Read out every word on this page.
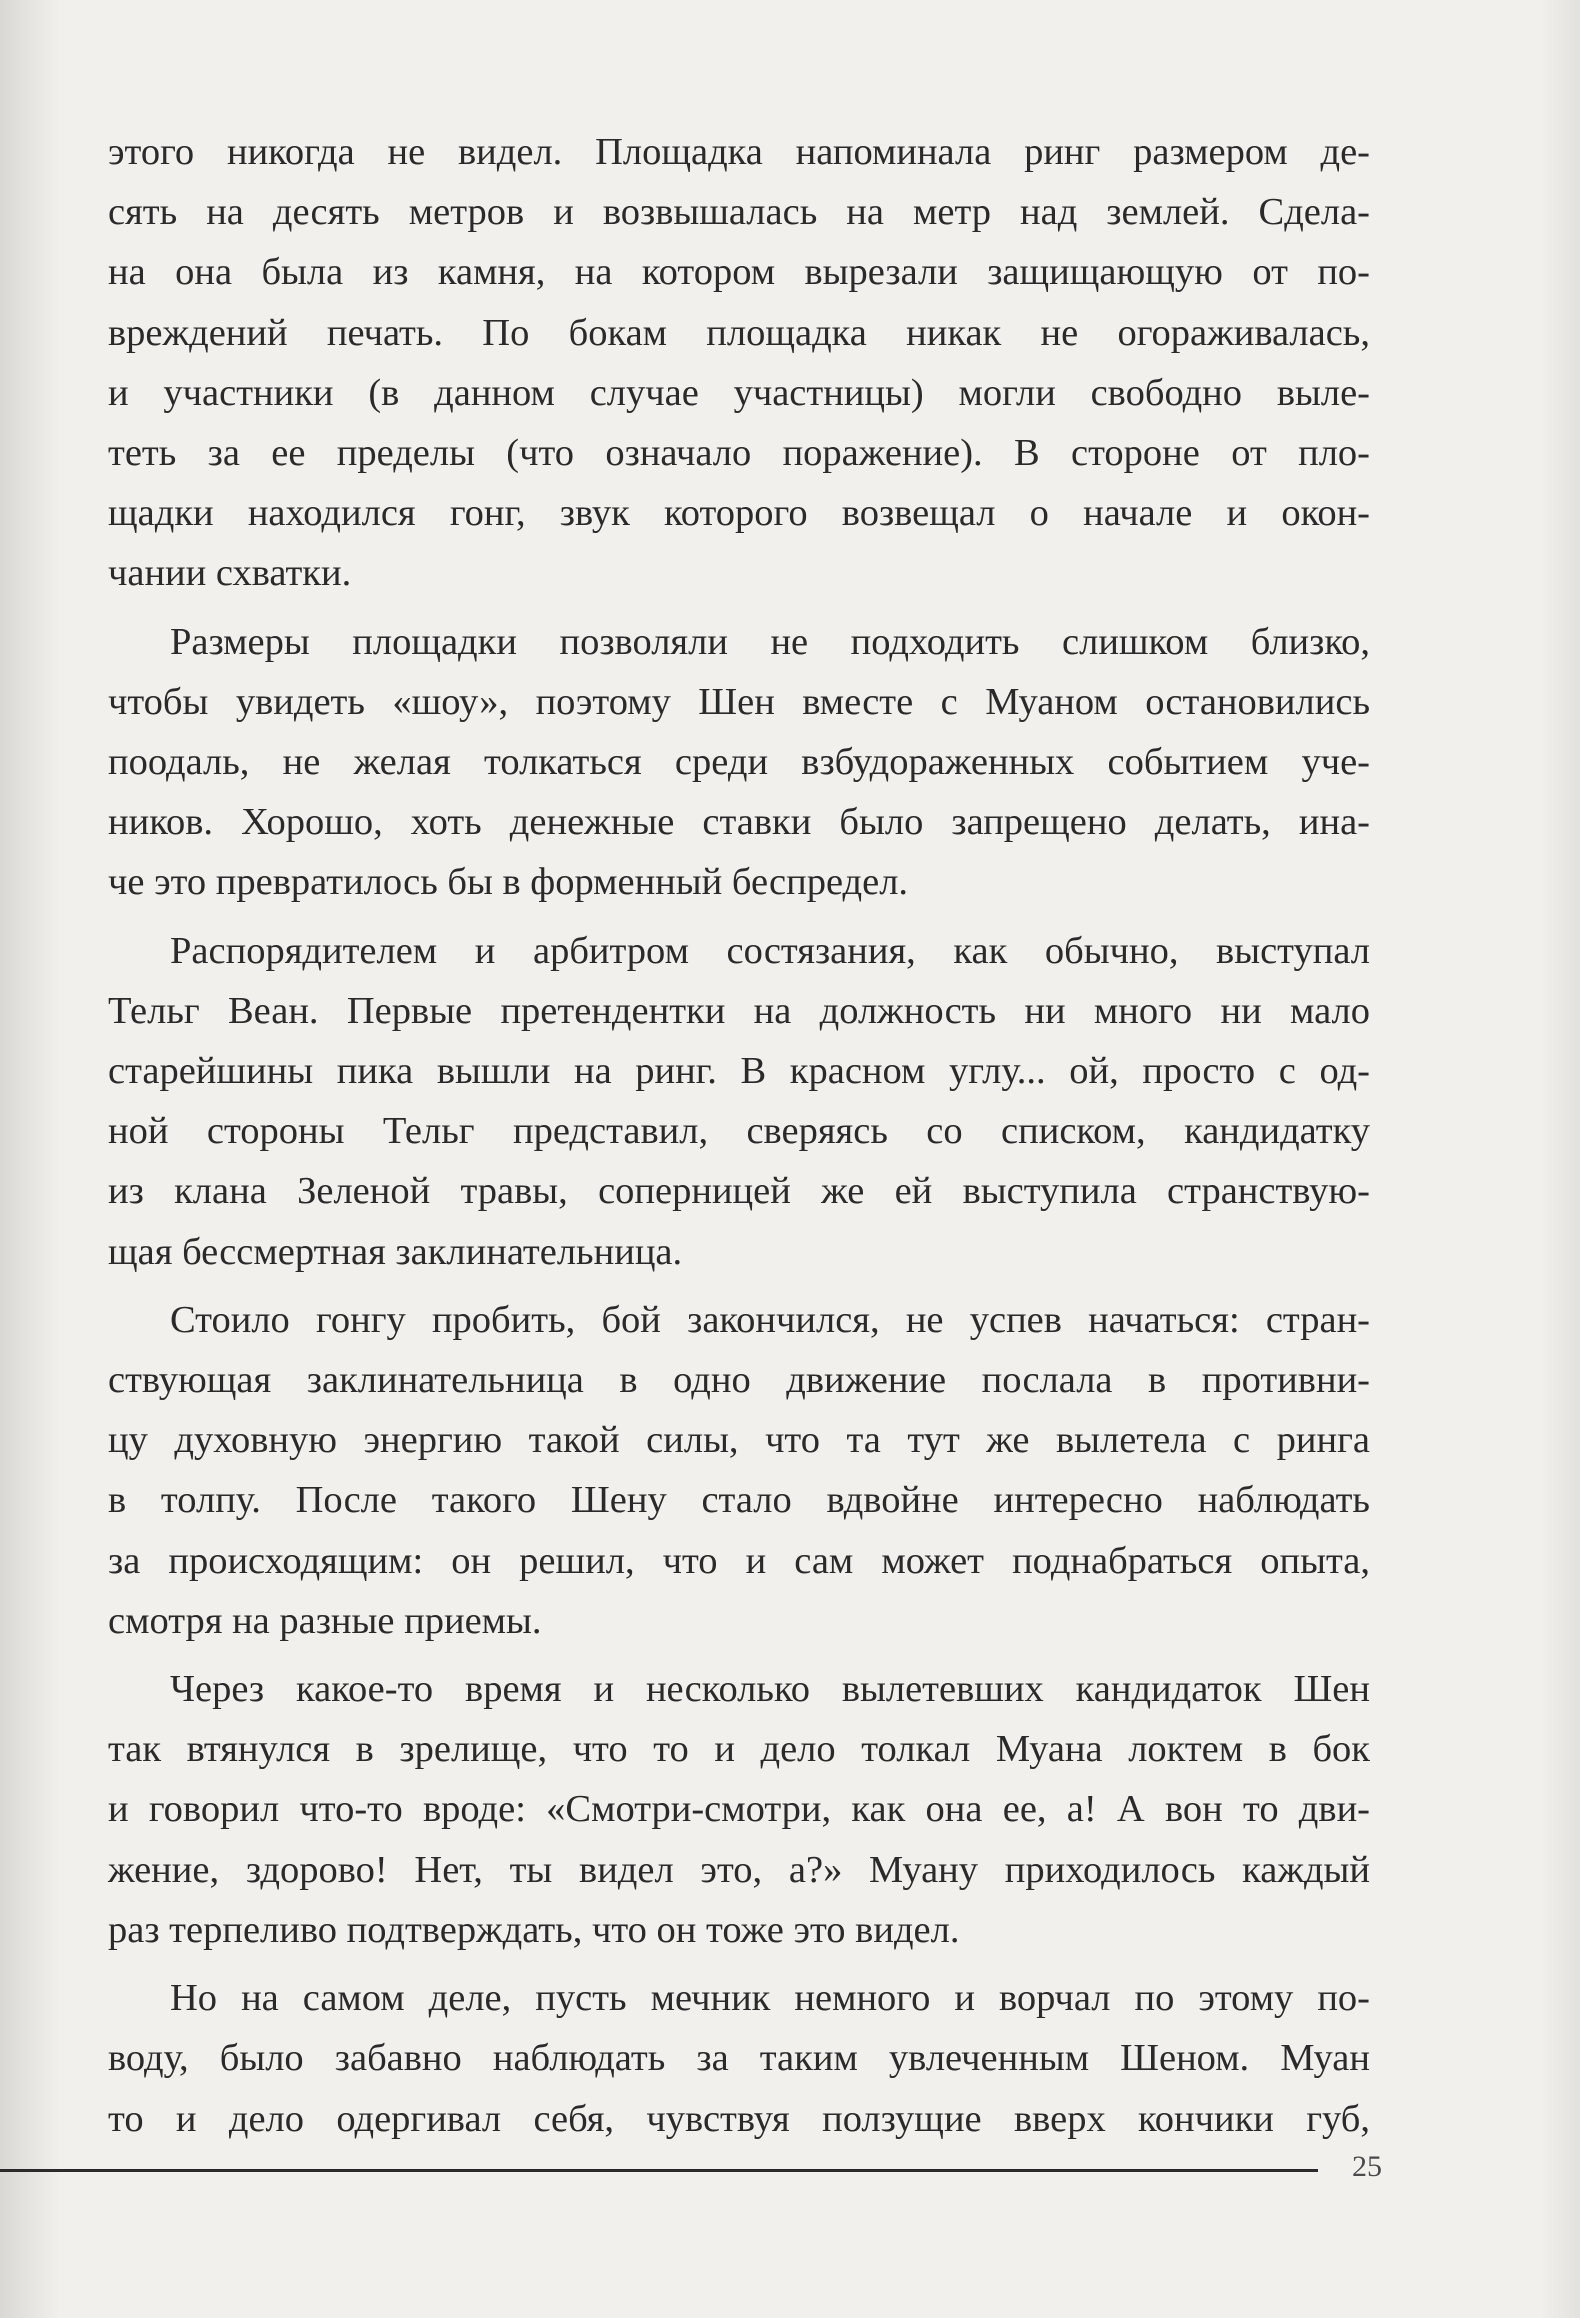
этого никогда не видел. Площадка напоминала ринг размером де-
сять на десять метров и возвышалась на метр над землей. Сдела-
на она была из камня, на котором вырезали защищающую от по-
вреждений печать. По бокам площадка никак не огораживалась,
и участники (в данном случае участницы) могли свободно выле-
теть за ее пределы (что означало поражение). В стороне от пло-
щадки находился гонг, звук которого возвещал о начале и окон-
чании схватки.

Размеры площадки позволяли не подходить слишком близко,
чтобы увидеть «шоу», поэтому Шен вместе с Муаном остановились
поодаль, не желая толкаться среди взбудораженных событием уче-
ников. Хорошо, хоть денежные ставки было запрещено делать, ина-
че это превратилось бы в форменный беспредел.

Распорядителем и арбитром состязания, как обычно, выступал
Тельг Веан. Первые претендентки на должность ни много ни мало
старейшины пика вышли на ринг. В красном углу... ой, просто с од-
ной стороны Тельг представил, сверяясь со списком, кандидатку
из клана Зеленой травы, соперницей же ей выступила странствую-
щая бессмертная заклинательница.

Стоило гонгу пробить, бой закончился, не успев начаться: стран-
ствующая заклинательница в одно движение послала в противни-
цу духовную энергию такой силы, что та тут же вылетела с ринга
в толпу. После такого Шену стало вдвойне интересно наблюдать
за происходящим: он решил, что и сам может поднабраться опыта,
смотря на разные приемы.

Через какое-то время и несколько вылетевших кандидаток Шен
так втянулся в зрелище, что то и дело толкал Муана локтем в бок
и говорил что-то вроде: «Смотри-смотри, как она ее, а! А вон то дви-
жение, здорово! Нет, ты видел это, а?» Муану приходилось каждый
раз терпеливо подтверждать, что он тоже это видел.

Но на самом деле, пусть мечник немного и ворчал по этому по-
воду, было забавно наблюдать за таким увлеченным Шеном. Муан
то и дело одергивал себя, чувствуя ползущие вверх кончики губ,

25
